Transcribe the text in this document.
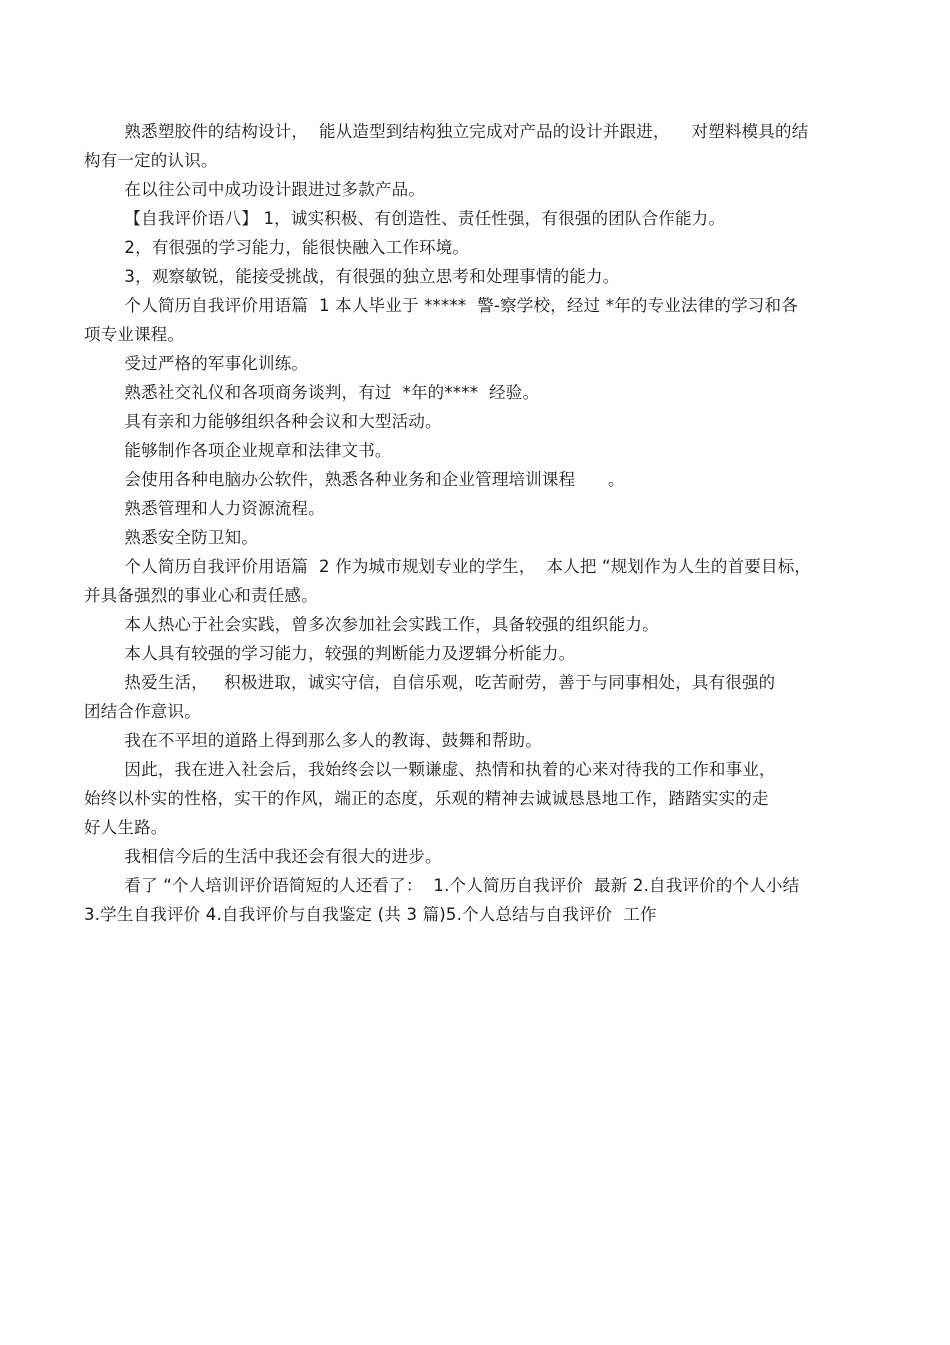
熟悉塑胶件的结构设计，  能从造型到结构独立完成对产品的设计并跟进，    对塑料模具的结
构有一定的认识。

在以往公司中成功设计跟进过多款产品。

【自我评价语八】 1，诚实积极、有创造性、责任性强，有很强的团队合作能力。

2，有很强的学习能力，能很快融入工作环境。

3，观察敏锐，能接受挑战，有很强的独立思考和处理事情的能力。

个人简历自我评价用语篇  1 本人毕业于 *****  警-察学校，经过 *年的专业法律的学习和各
项专业课程。

受过严格的军事化训练。

熟悉社交礼仪和各项商务谈判，有过  *年的****  经验。

具有亲和力能够组织各种会议和大型活动。

能够制作各项企业规章和法律文书。

会使用各种电脑办公软件，熟悉各种业务和企业管理培训课程      。

熟悉管理和人力资源流程。

熟悉安全防卫知。

个人简历自我评价用语篇  2 作为城市规划专业的学生，  本人把 “规划作为人生的首要目标，
并具备强烈的事业心和责任感。

本人热心于社会实践，曾多次参加社会实践工作，具备较强的组织能力。

本人具有较强的学习能力，较强的判断能力及逻辑分析能力。

热爱生活，   积极进取，诚实守信，自信乐观，吃苦耐劳，善于与同事相处，具有很强的
团结合作意识。

我在不平坦的道路上得到那么多人的教诲、鼓舞和帮助。

因此，我在进入社会后，我始终会以一颗谦虚、热情和执着的心来对待我的工作和事业，
始终以朴实的性格，实干的作风，端正的态度，乐观的精神去诚诚恳恳地工作，踏踏实实的走
好人生路。

我相信今后的生活中我还会有很大的进步。

看了 “个人培训评价语简短的人还看了：  1.个人简历自我评价  最新 2.自我评价的个人小结
3.学生自我评价 4.自我评价与自我鉴定 (共 3 篇)5.个人总结与自我评价  工作
